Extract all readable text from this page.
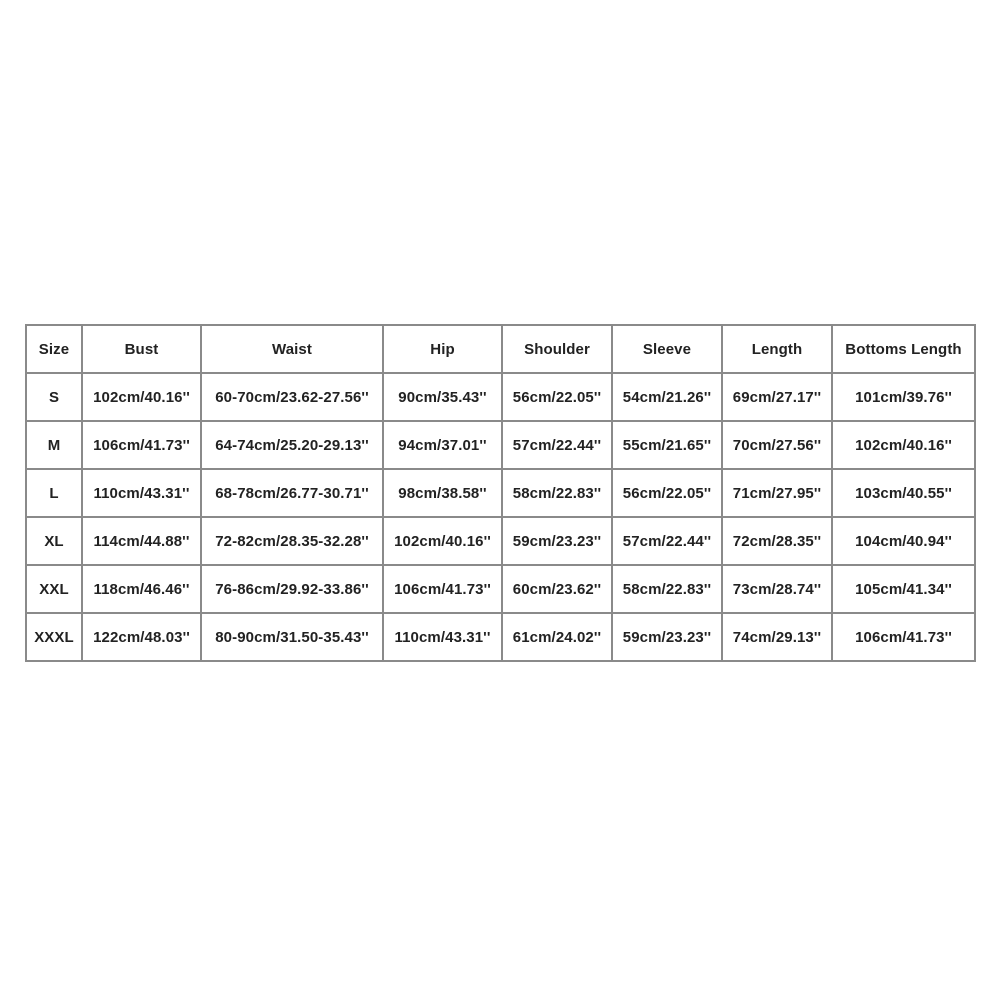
Size	Bust	Waist	Hip	Shoulder	Sleeve	Length	Bottoms Length
S	102cm/40.16''	60-70cm/23.62-27.56''	90cm/35.43''	56cm/22.05''	54cm/21.26''	69cm/27.17''	101cm/39.76''
M	106cm/41.73''	64-74cm/25.20-29.13''	94cm/37.01''	57cm/22.44''	55cm/21.65''	70cm/27.56''	102cm/40.16''
L	110cm/43.31''	68-78cm/26.77-30.71''	98cm/38.58''	58cm/22.83''	56cm/22.05''	71cm/27.95''	103cm/40.55''
XL	114cm/44.88''	72-82cm/28.35-32.28''	102cm/40.16''	59cm/23.23''	57cm/22.44''	72cm/28.35''	104cm/40.94''
XXL	118cm/46.46''	76-86cm/29.92-33.86''	106cm/41.73''	60cm/23.62''	58cm/22.83''	73cm/28.74''	105cm/41.34''
XXXL	122cm/48.03''	80-90cm/31.50-35.43''	110cm/43.31''	61cm/24.02''	59cm/23.23''	74cm/29.13''	106cm/41.73''
